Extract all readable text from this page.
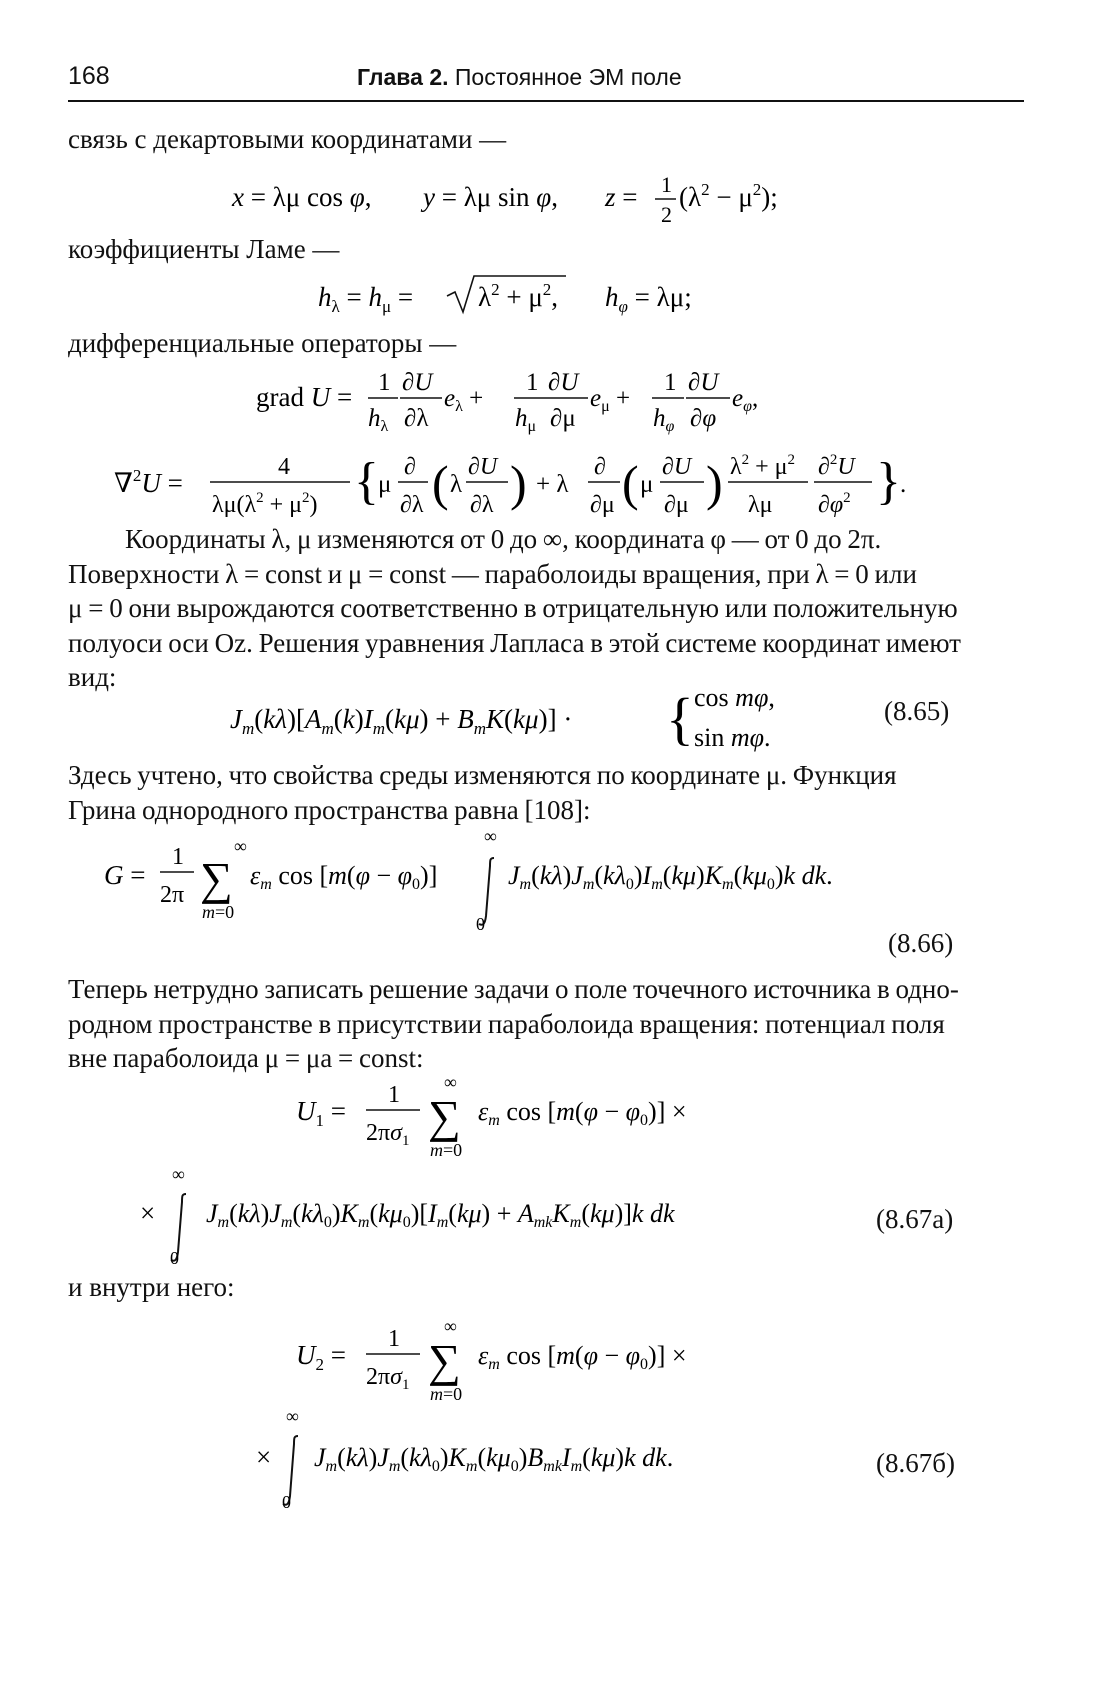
168	Глава 2. Постоянное ЭМ поле
связь с декартовыми координатами —
x = λμ cos φ, y = λμ sin φ, z = 1
2
$(\lambda^2 - \mu^2)$;
коэффициенты Ламе —
$h_\lambda = h_\mu = \lambda^2 + \mu^2$, $h_\varphi = \lambda\mu$;
дифференциальные операторы —
grad U = 1
$h_\lambda$
∂U
∂λ
$e_\lambda$ +
1
$h_\mu$
∂U
∂μ
$e_\mu$ +
1
$h_\varphi$
∂U
∂φ
$e_\varphi$,
∇$^2$U =
4
$\lambda\mu(\lambda^2 + \mu^2)$ { μ
∂
∂λ ( λ
∂U
∂λ ) + λ
∂
∂μ ( μ
∂U
∂μ ) $\lambda^2 + \mu^2$
λμ
∂$^2$U
$\partial\varphi^2$ } .
Координаты λ, μ изменяются от 0 до ∞, координата φ — от 0 до 2π.
Поверхности λ = const и μ = const — параболоиды вращения, при λ = 0 или
μ = 0 они вырождаются соответственно в отрицательную или положительную
полуоси оси Oz. Решения уравнения Лапласа в этой системе координат имеют
вид:
$J_m(k\lambda)[A_m(k)I_m(k\mu) + B_mK(k\mu)]$ · { cos mφ,
sin mφ.
(8.65)
Здесь учтено, что свойства среды изменяются по координате μ. Функция
Грина однородного пространства равна [108]:
G =
1
2π
∞
∑
m=0
εm cos [m(φ − φ0)]
∞
0
Jm(kλ)Jm(kλ0)Im(kμ)Km(kμ0)k dk.
(8.66)
Теперь нетрудно записать решение задачи о поле точечного источника в одно-
родном пространстве в присутствии параболоида вращения: потенциал поля
вне параболоида μ = μa = const:
$U_1$ =
1
$2\pi\sigma_1$
∞
∑
m=0
εm cos [m(φ − φ0)] ×
×
∞
0
Jm(kλ)Jm(kλ0)Km(kμ0)[Im(kμ) + AmkKm(kμ)]k dk	(8.67а)
и внутри него:
$U_2$ =
1
$2\pi\sigma_1$
∞
∑
m=0
εm cos [m(φ − φ0)] ×
×
∞
0
Jm(kλ)Jm(kλ0)Km(kμ0)BmkIm(kμ)k dk.	(8.67б)
